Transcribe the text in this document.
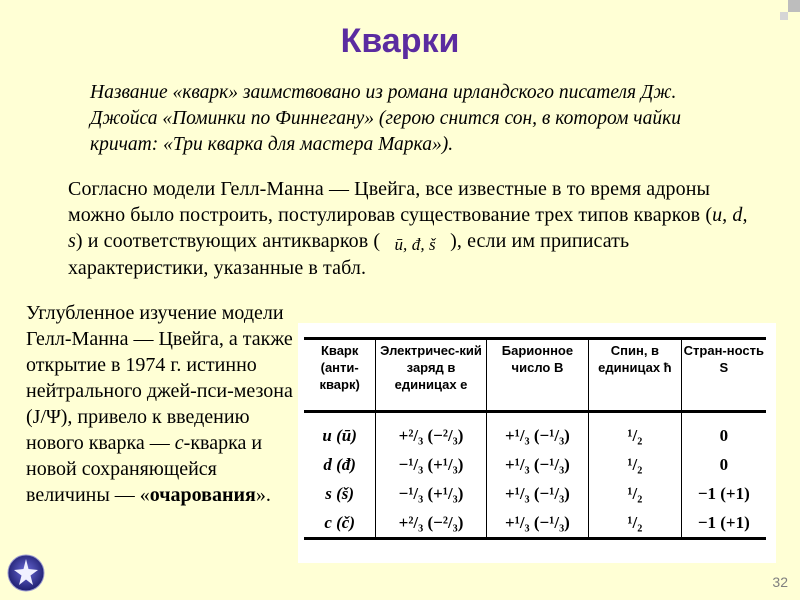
Кварки
Название «кварк» заимствовано из романа ирландского писателя Дж. Джойса «Поминки по Финнегану» (герою снится сон, в котором чайки кричат: «Три кварка для мастера Марка»).
Согласно модели Гелл-Манна — Цвейга, все известные в то время адроны можно было построить, постулировав существование трех типов кварков (u, d, s) и соответствующих антикварков ( ū, đ, š ), если им приписать характеристики, указанные в табл.
Углубленное изучение модели Гелл-Манна — Цвейга, а также открытие в 1974 г. истинно нейтрального джей-пси-мезона (J/Ψ), привело к введению нового кварка — с-кварка и новой сохраняющейся величины — «очарования».
Кварк (анти-кварк)	Электричес-кий заряд в единицах e	Барионное число B	Спин, в единицах ħ	Стран-ность S
u (ū)	+²/₃ (−²/₃)	+¹/₃ (−¹/₃)	¹/₂	0
d (đ)	−¹/₃ (+¹/₃)	+¹/₃ (−¹/₃)	¹/₂	0
s (š)	−¹/₃ (+¹/₃)	+¹/₃ (−¹/₃)	¹/₂	−1 (+1)
c (č)	+²/₃ (−²/₃)	+¹/₃ (−¹/₃)	¹/₂	−1 (+1)
32
